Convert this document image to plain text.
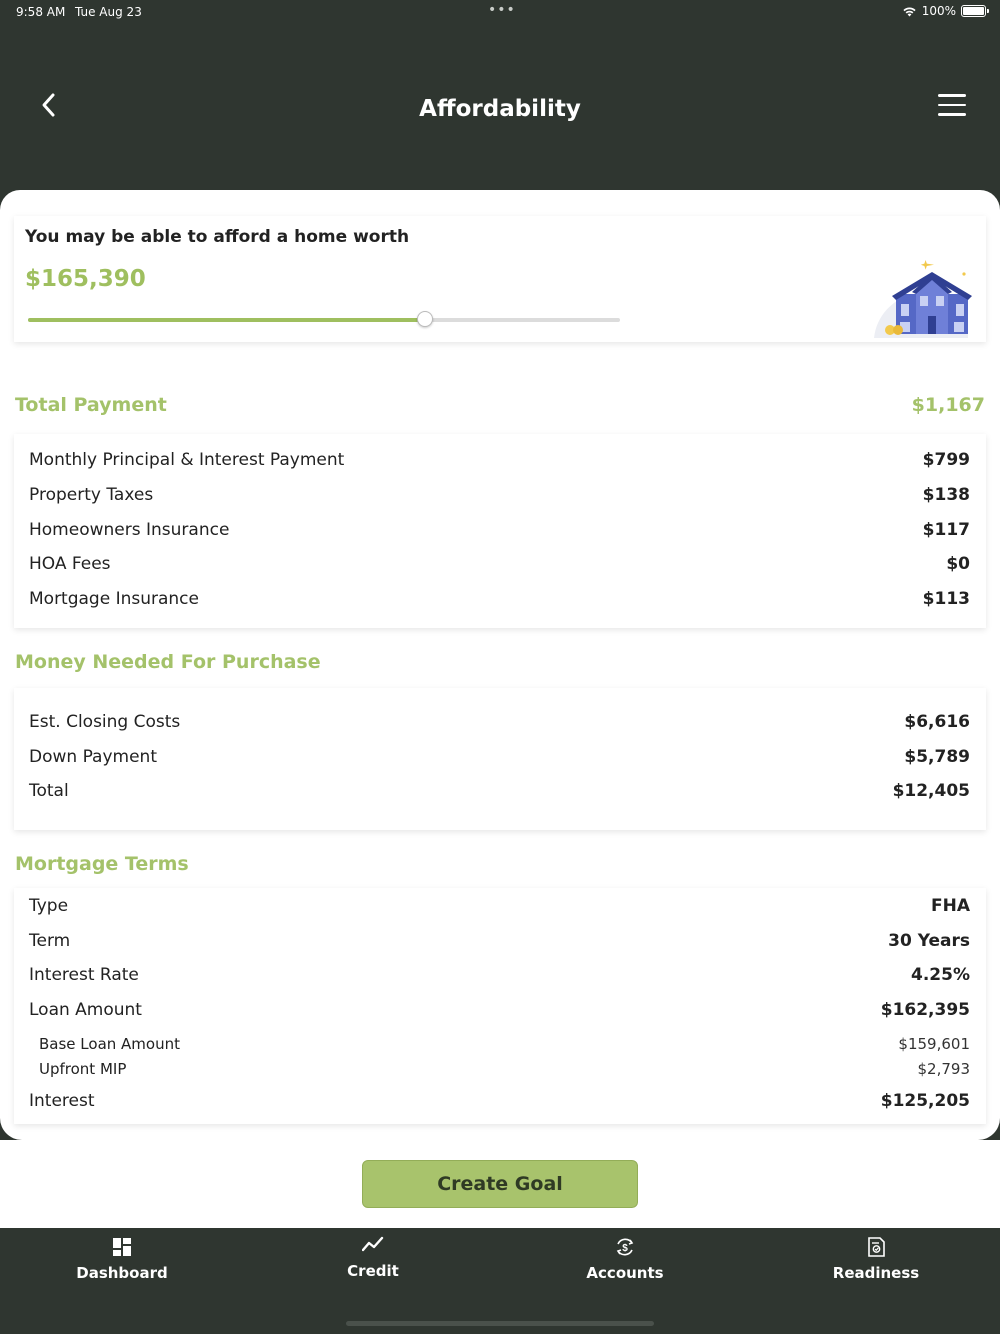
9:58 AM Tue Aug 23	•••	100%
Affordability
You may be able to afford a home worth
$165,390
Total Payment	$1,167
Monthly Principal & Interest Payment	$799
Property Taxes	$138
Homeowners Insurance	$117
HOA Fees	$0
Mortgage Insurance	$113
Money Needed For Purchase
Est. Closing Costs	$6,616
Down Payment	$5,789
Total	$12,405
Mortgage Terms
Type	FHA
Term	30 Years
Interest Rate	4.25%
Loan Amount	$162,395
Base Loan Amount	$159,601
Upfront MIP	$2,793
Interest	$125,205
Create Goal
Dashboard	Credit
$
Accounts	Readiness
